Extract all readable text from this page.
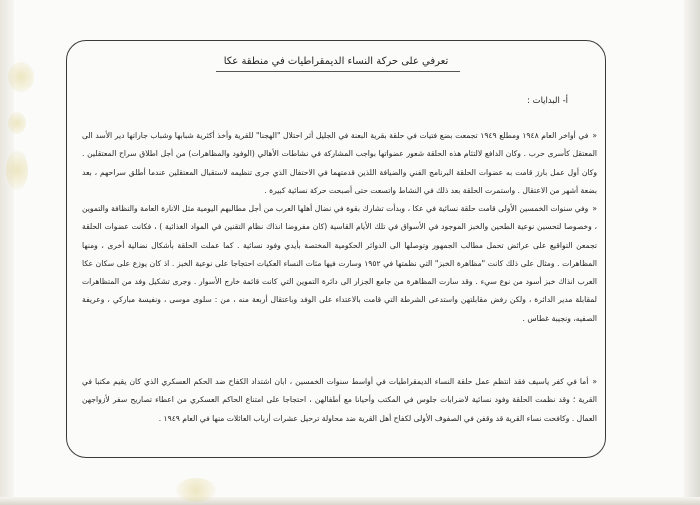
تعرفي على حركة النساء الديمقراطيات في منطقة عكا
أ- البدايات :

«في أواخر العام ١٩٤٨ ومطلع ١٩٤٩ تجمعت بضع فتيات في حلقة بقرية البعنة في الجليل أثر احتلال "الهجنا" للقرية وأخذ أكثرية شبابها وشباب جاراتها دير الأسد الى المعتقل كأسرى حرب . وكان الدافع لالتئام هذه الحلقة شعور عضواتها بواجب المشاركة في نشاطات الأهالي (الوفود والمظاهرات) من أجل اطلاق سراح المعتقلين . وكان أول عمل بارز قامت به عضوات الحلقة البرنامج الفني والضيافة اللذين قدمتهما في الاحتفال الذي جرى تنظيمه لاستقبال المعتقلين عندما أطلق سراحهم ، بعد بضعة أشهر من الاعتقال . واستمرت الحلقة بعد ذلك في النشاط واتسعت حتى أصبحت حركة نسائية كبيرة .

«وفي سنوات الخمسين الأولى قامت حلقة نسائية في عكا ، وبدأت تشارك بقوة في نضال أهلها العرب من أجل مطالبهم اليومية مثل الانارة العامة والنظافة والتموين ، وخصوصا لتحسين نوعية الطحين والخبز الموجود في الأسواق في تلك الأيام القاسية (كان مفروضا انذاك نظام التقنين في المواد الغذائية ) ، فكانت عضوات الحلقة تجمعن التواقيع على عرائض تحمل مطالب الجمهور وتوصلها الى الدوائر الحكومية المختصة بأيدي وفود نسائية . كما عملت الحلقة بأشكال نضالية أخرى ، ومنها المظاهرات . ومثال على ذلك كانت "مظاهرة الخبز" التي نظمتها في ١٩٥٢ وسارت فيها مئات النساء العكيات احتجاجا على نوعية الخبز . اذ كان يوزع على سكان عكا العرب انذاك خبز أسود من نوع سيء . وقد سارت المظاهرة من جامع الجزار الى دائرة التموين التي كانت قائمة خارج الأسوار . وجرى تشكيل وفد من المتظاهرات لمقابلة مدير الدائرة ، ولكن رفض مقابلتهن واستدعى الشرطة التي قامت بالاعتداء على الوفد وباعتقال أربعة منه ، من : سلوى موسى ، ونفيسة مباركي ، وعريفة الصفيه، ونجيبة غطاس .

«أما في كفر ياسيف فقد انتظم عمل حلقة النساء الديمقراطيات في أواسط سنوات الخمسين ، ابان اشتداد الكفاح ضد الحكم العسكري الذي كان يقيم مكتبا في القرية ؛ وقد نظمت الحلقة وفود نسائية لاضرابات جلوس في المكتب وأحيانا مع أطفالهن ، احتجاجا على امتناع الحاكم العسكري من اعطاء تصاريح سفر لأزواجهن العمال . وكافحت نساء القرية قد وقفن في الصفوف الأولى لكفاح أهل القرية ضد محاولة ترحيل عشرات أرباب العائلات منها في العام ١٩٤٩ .
